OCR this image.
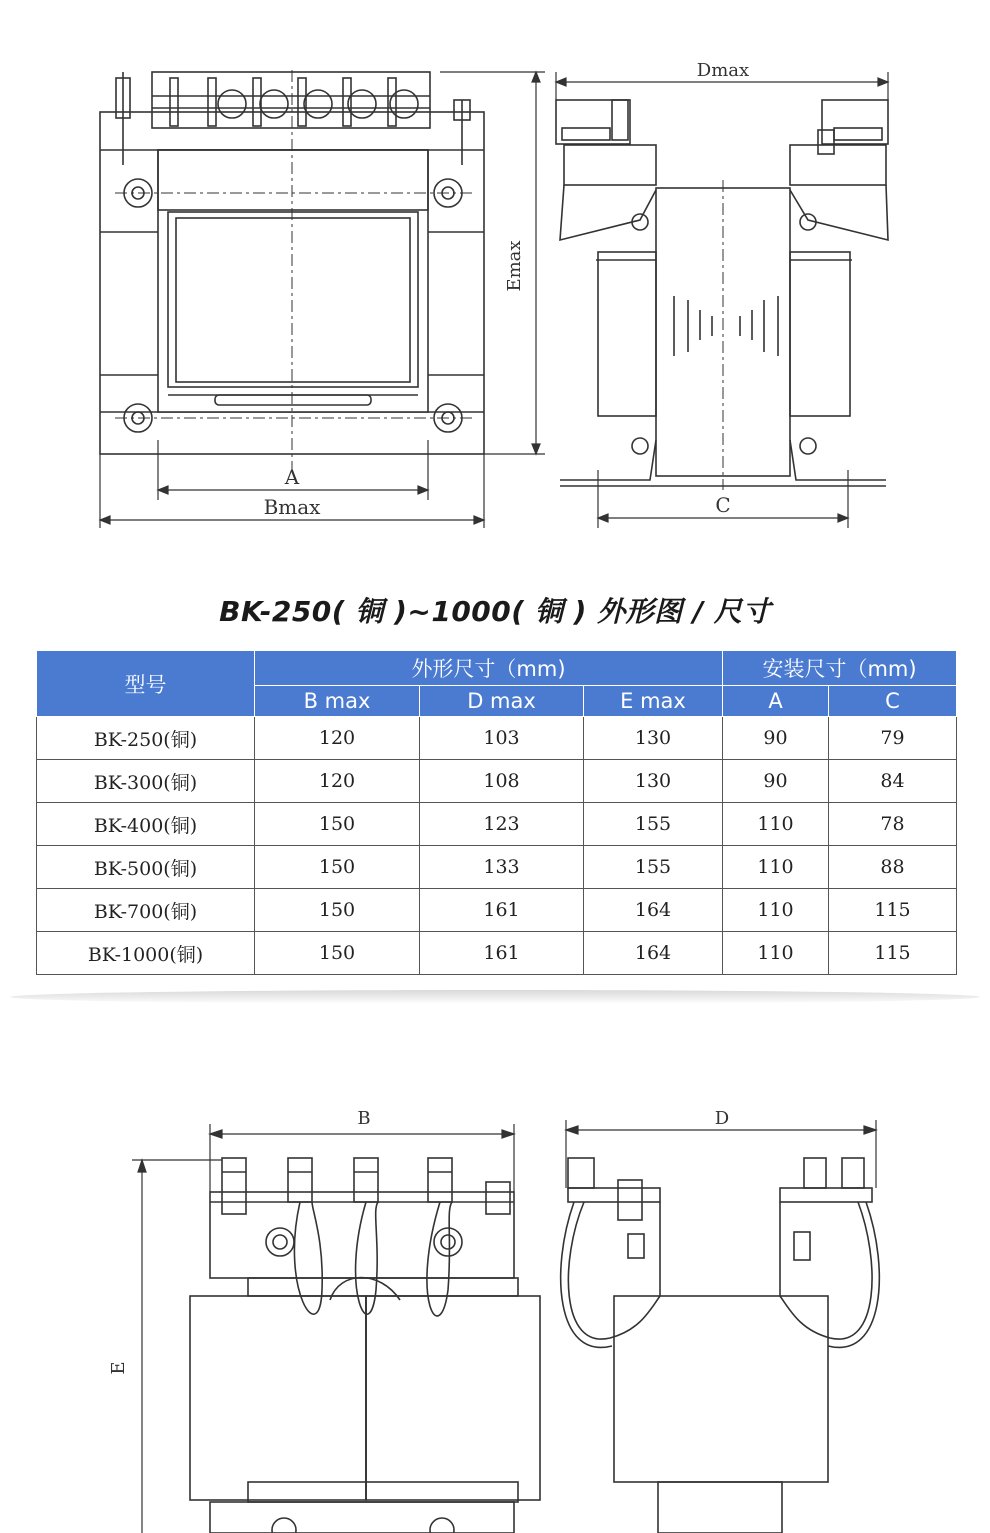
A
Bmax
Emax
Dmax
C
BK-250( 铜 )~1000( 铜 ) 外形图 / 尺寸
型号	外形尺寸（mm)			安装尺寸（mm)	
	B max	D max	E max	A	C
BK-250(铜)	120	103	130	90	79
BK-300(铜)	120	108	130	90	84
BK-400(铜)	150	123	155	110	78
BK-500(铜)	150	133	155	110	88
BK-700(铜)	150	161	164	110	115
BK-1000(铜)	150	161	164	110	115
B	D
E
